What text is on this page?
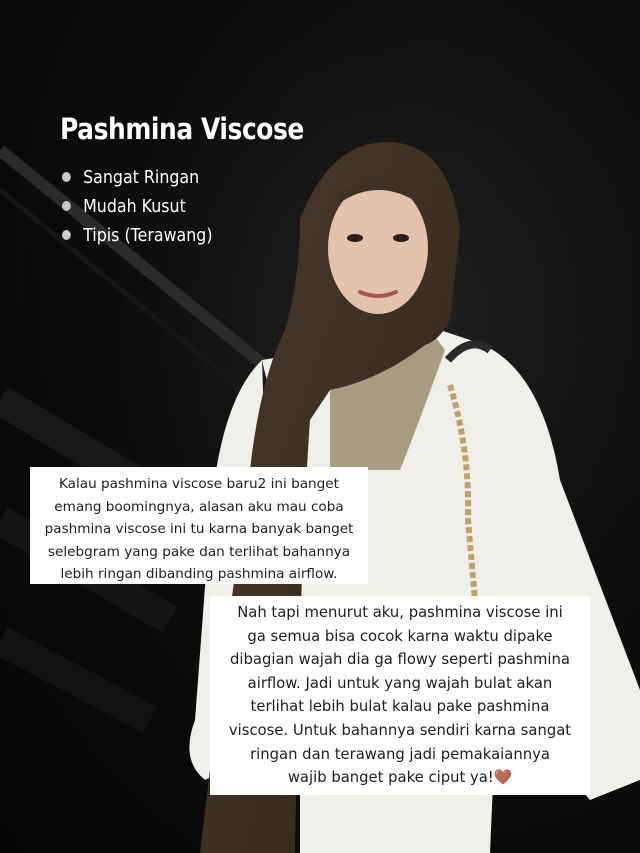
Pashmina Viscose
Sangat Ringan
Mudah Kusut
Tipis (Terawang)
Kalau pashmina viscose baru2 ini banget
emang boomingnya, alasan aku mau coba
pashmina viscose ini tu karna banyak banget
selebgram yang pake dan terlihat bahannya
lebih ringan dibanding pashmina airflow.
Nah tapi menurut aku, pashmina viscose ini
ga semua bisa cocok karna waktu dipake
dibagian wajah dia ga flowy seperti pashmina
airflow. Jadi untuk yang wajah bulat akan
terlihat lebih bulat kalau pake pashmina
viscose. Untuk bahannya sendiri karna sangat
ringan dan terawang jadi pemakaiannya
wajib banget pake ciput ya!🤎
